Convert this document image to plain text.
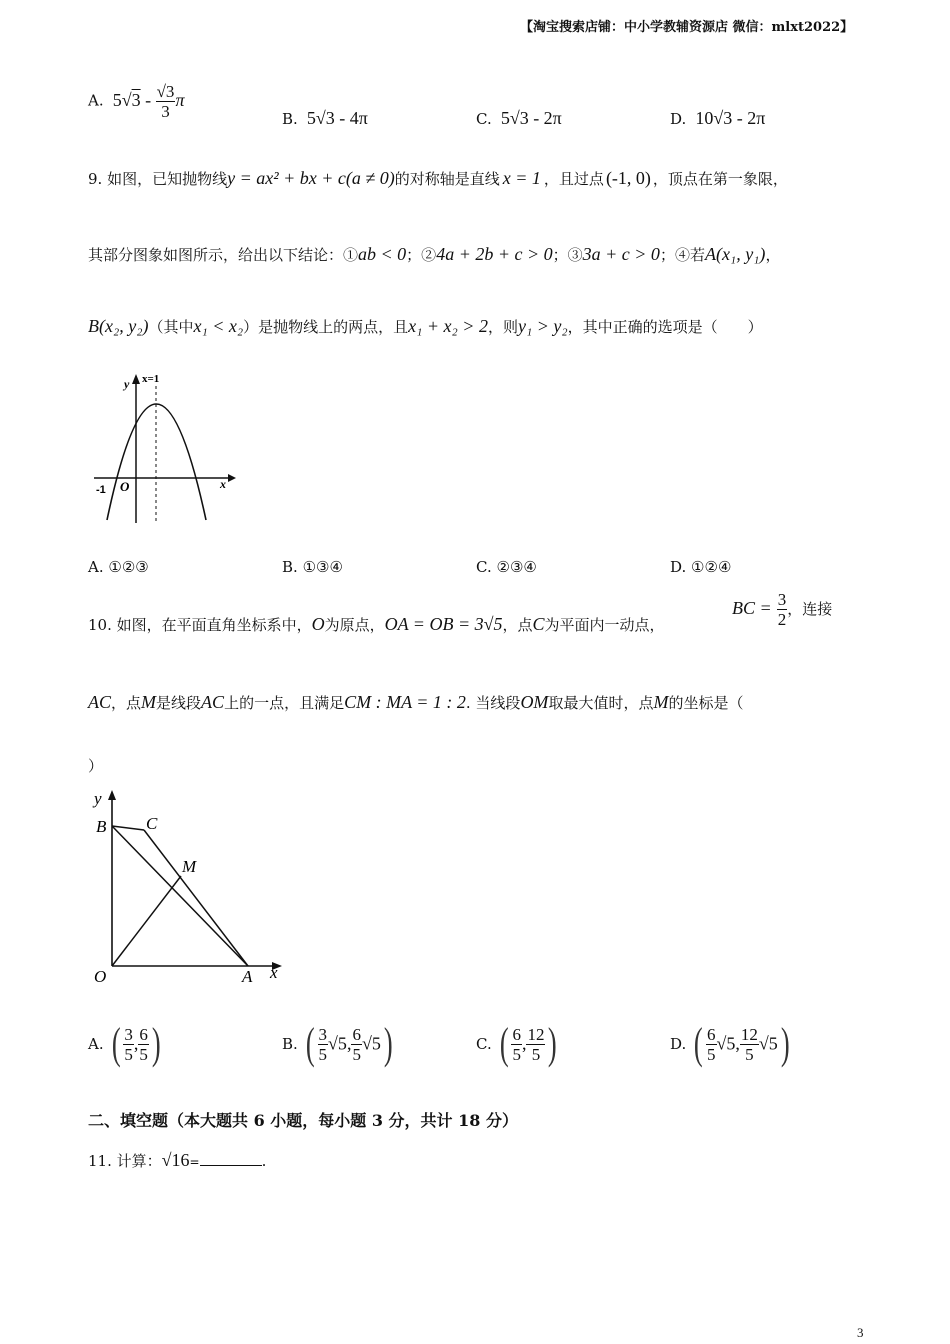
【淘宝搜索店铺：中小学教辅资源店 微信：mlxt2022】
A. $5√3 - \frac{√3}{3}$ π
B. 5√3 - 4π	C. 5√3 - 2π	D. 10√3 - 2π
9. 如图，已知抛物线y = ax² + bx + c(a ≠ 0)的对称轴是直线 x = 1 ，且过点 (-1, 0) ，顶点在第一象限，
其部分图象如图所示，给出以下结论：①ab < 0；②4a + 2b + c > 0；③3a + c > 0；④若A(x₁, y₁)，
B(x₂, y₂)（其中x₁ < x₂）是抛物线上的两点，且x₁ + x₂ > 2，则y₁ > y₂，其中正确的选项是（　　）
y x=1
x
-1 O
A. ①②③	B. ①③④	C. ②③④	D. ①②④
10. 如图，在平面直角坐标系中，O为原点，OA = OB = 3√5，点C为平面内一动点，
BC = $\frac{3}{2}$ ，连接
AC，点M是线段AC上的一点，且满足CM : MA = 1 : 2. 当线段OM取最大值时，点M的坐标是（
）
y
B C
M
O	A x
A. ( $\frac{3}{5}$ , $\frac{6}{5}$ )	B. ( $\frac{3}{5} √5$, $\frac{6}{5} √5$)	C. ( $\frac{6}{5}$ , $\frac{12}{5}$ )	D. ( $\frac{6}{5} √5$, $\frac{12}{5} √5$)
二、填空题（本大题共 6 小题，每小题 3 分，共计 18 分）
11. 计算：√16=	.
3
